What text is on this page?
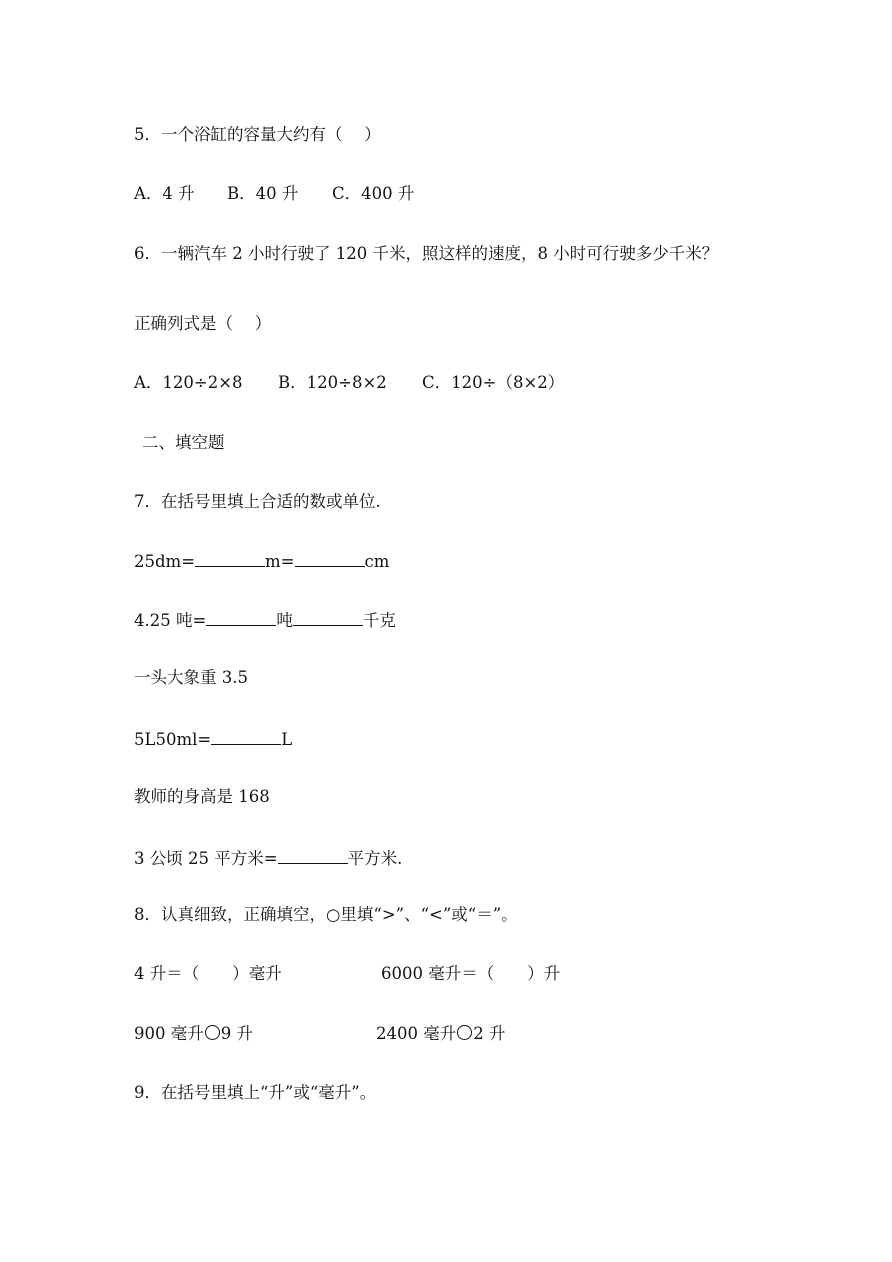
5．一个浴缸的容量大约有（　 ）
A．4 升 B．40 升 C．400 升
6．一辆汽车 2 小时行驶了 120 千米，照这样的速度，8 小时可行驶多少千米？
正确列式是（　 ）
A．120÷2×8 B．120÷8×2 C．120÷（8×2）
二、填空题
7．在括号里填上合适的数或单位.
25dm=	m=	cm
4.25 吨=	吨	千克
一头大象重 3.5
5L50ml=	L
教师的身高是 168
3 公顷 25 平方米=	平方米.
8．认真细致，正确填空，○里填“>”、“<”或“＝”。
4 升＝（　　）毫升	6000 毫升＝（　　）升
900 毫升 9 升	2400 毫升 2 升
9．在括号里填上“升”或“毫升”。
